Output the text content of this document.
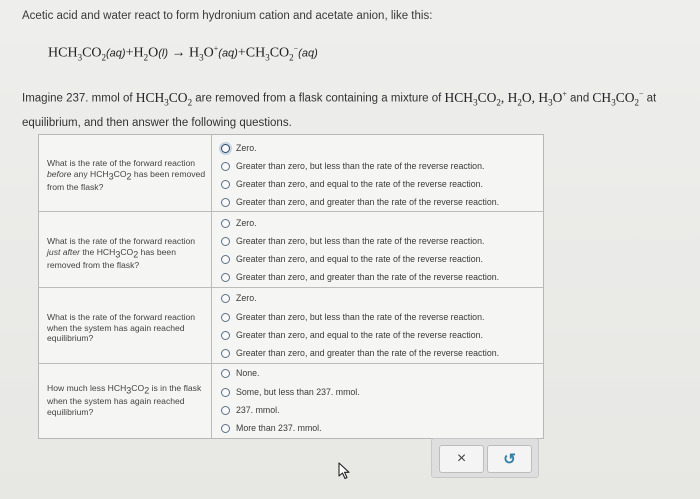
Acetic acid and water react to form hydronium cation and acetate anion, like this:
$HCH_3CO_2(aq)+H_2O(l) \to H_3O^+(aq)+CH_3CO_2^-(aq)$
Imagine 237. mmol of $HCH_3CO_2$ are removed from a flask containing a mixture of $HCH_3CO_2$, $H_2O$, $H_3O^+$ and $CH_3CO_2^-$ at
equilibrium, and then answer the following questions.
What is the rate of the forward reaction before any $HCH_3CO_2$ has been removed from the flask?
Zero.
Greater than zero, but less than the rate of the reverse reaction.
Greater than zero, and equal to the rate of the reverse reaction.
Greater than zero, and greater than the rate of the reverse reaction.
What is the rate of the forward reaction just after the $HCH_3CO_2$ has been removed from the flask?
Zero.
Greater than zero, but less than the rate of the reverse reaction.
Greater than zero, and equal to the rate of the reverse reaction.
Greater than zero, and greater than the rate of the reverse reaction.
What is the rate of the forward reaction when the system has again reached equilibrium?
Zero.
Greater than zero, but less than the rate of the reverse reaction.
Greater than zero, and equal to the rate of the reverse reaction.
Greater than zero, and greater than the rate of the reverse reaction.
How much less $HCH_3CO_2$ is in the flask when the system has again reached equilibrium?
None.
Some, but less than 237. mmol.
237. mmol.
More than 237. mmol.
× ↺
